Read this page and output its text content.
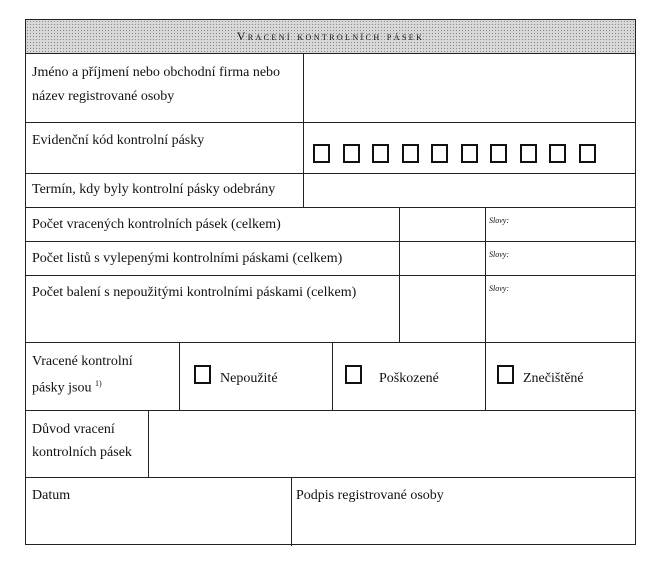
Vracení kontrolních pásek
Jméno a příjmení nebo obchodní firma nebo
název registrované osoby
Evidenční kód kontrolní pásky
Termín, kdy byly kontrolní pásky odebrány
Počet vracených kontrolních pásek (celkem)	Slovy:
Počet listů s vylepenými kontrolními páskami (celkem)	Slovy:
Počet balení s nepoužitými kontrolními páskami (celkem)	Slovy:
Vracené kontrolní
pásky jsou $^{1)}$	Nepoužité	Poškozené	Znečištěné
Důvod vracení
kontrolních pásek
Datum	Podpis registrované osoby
